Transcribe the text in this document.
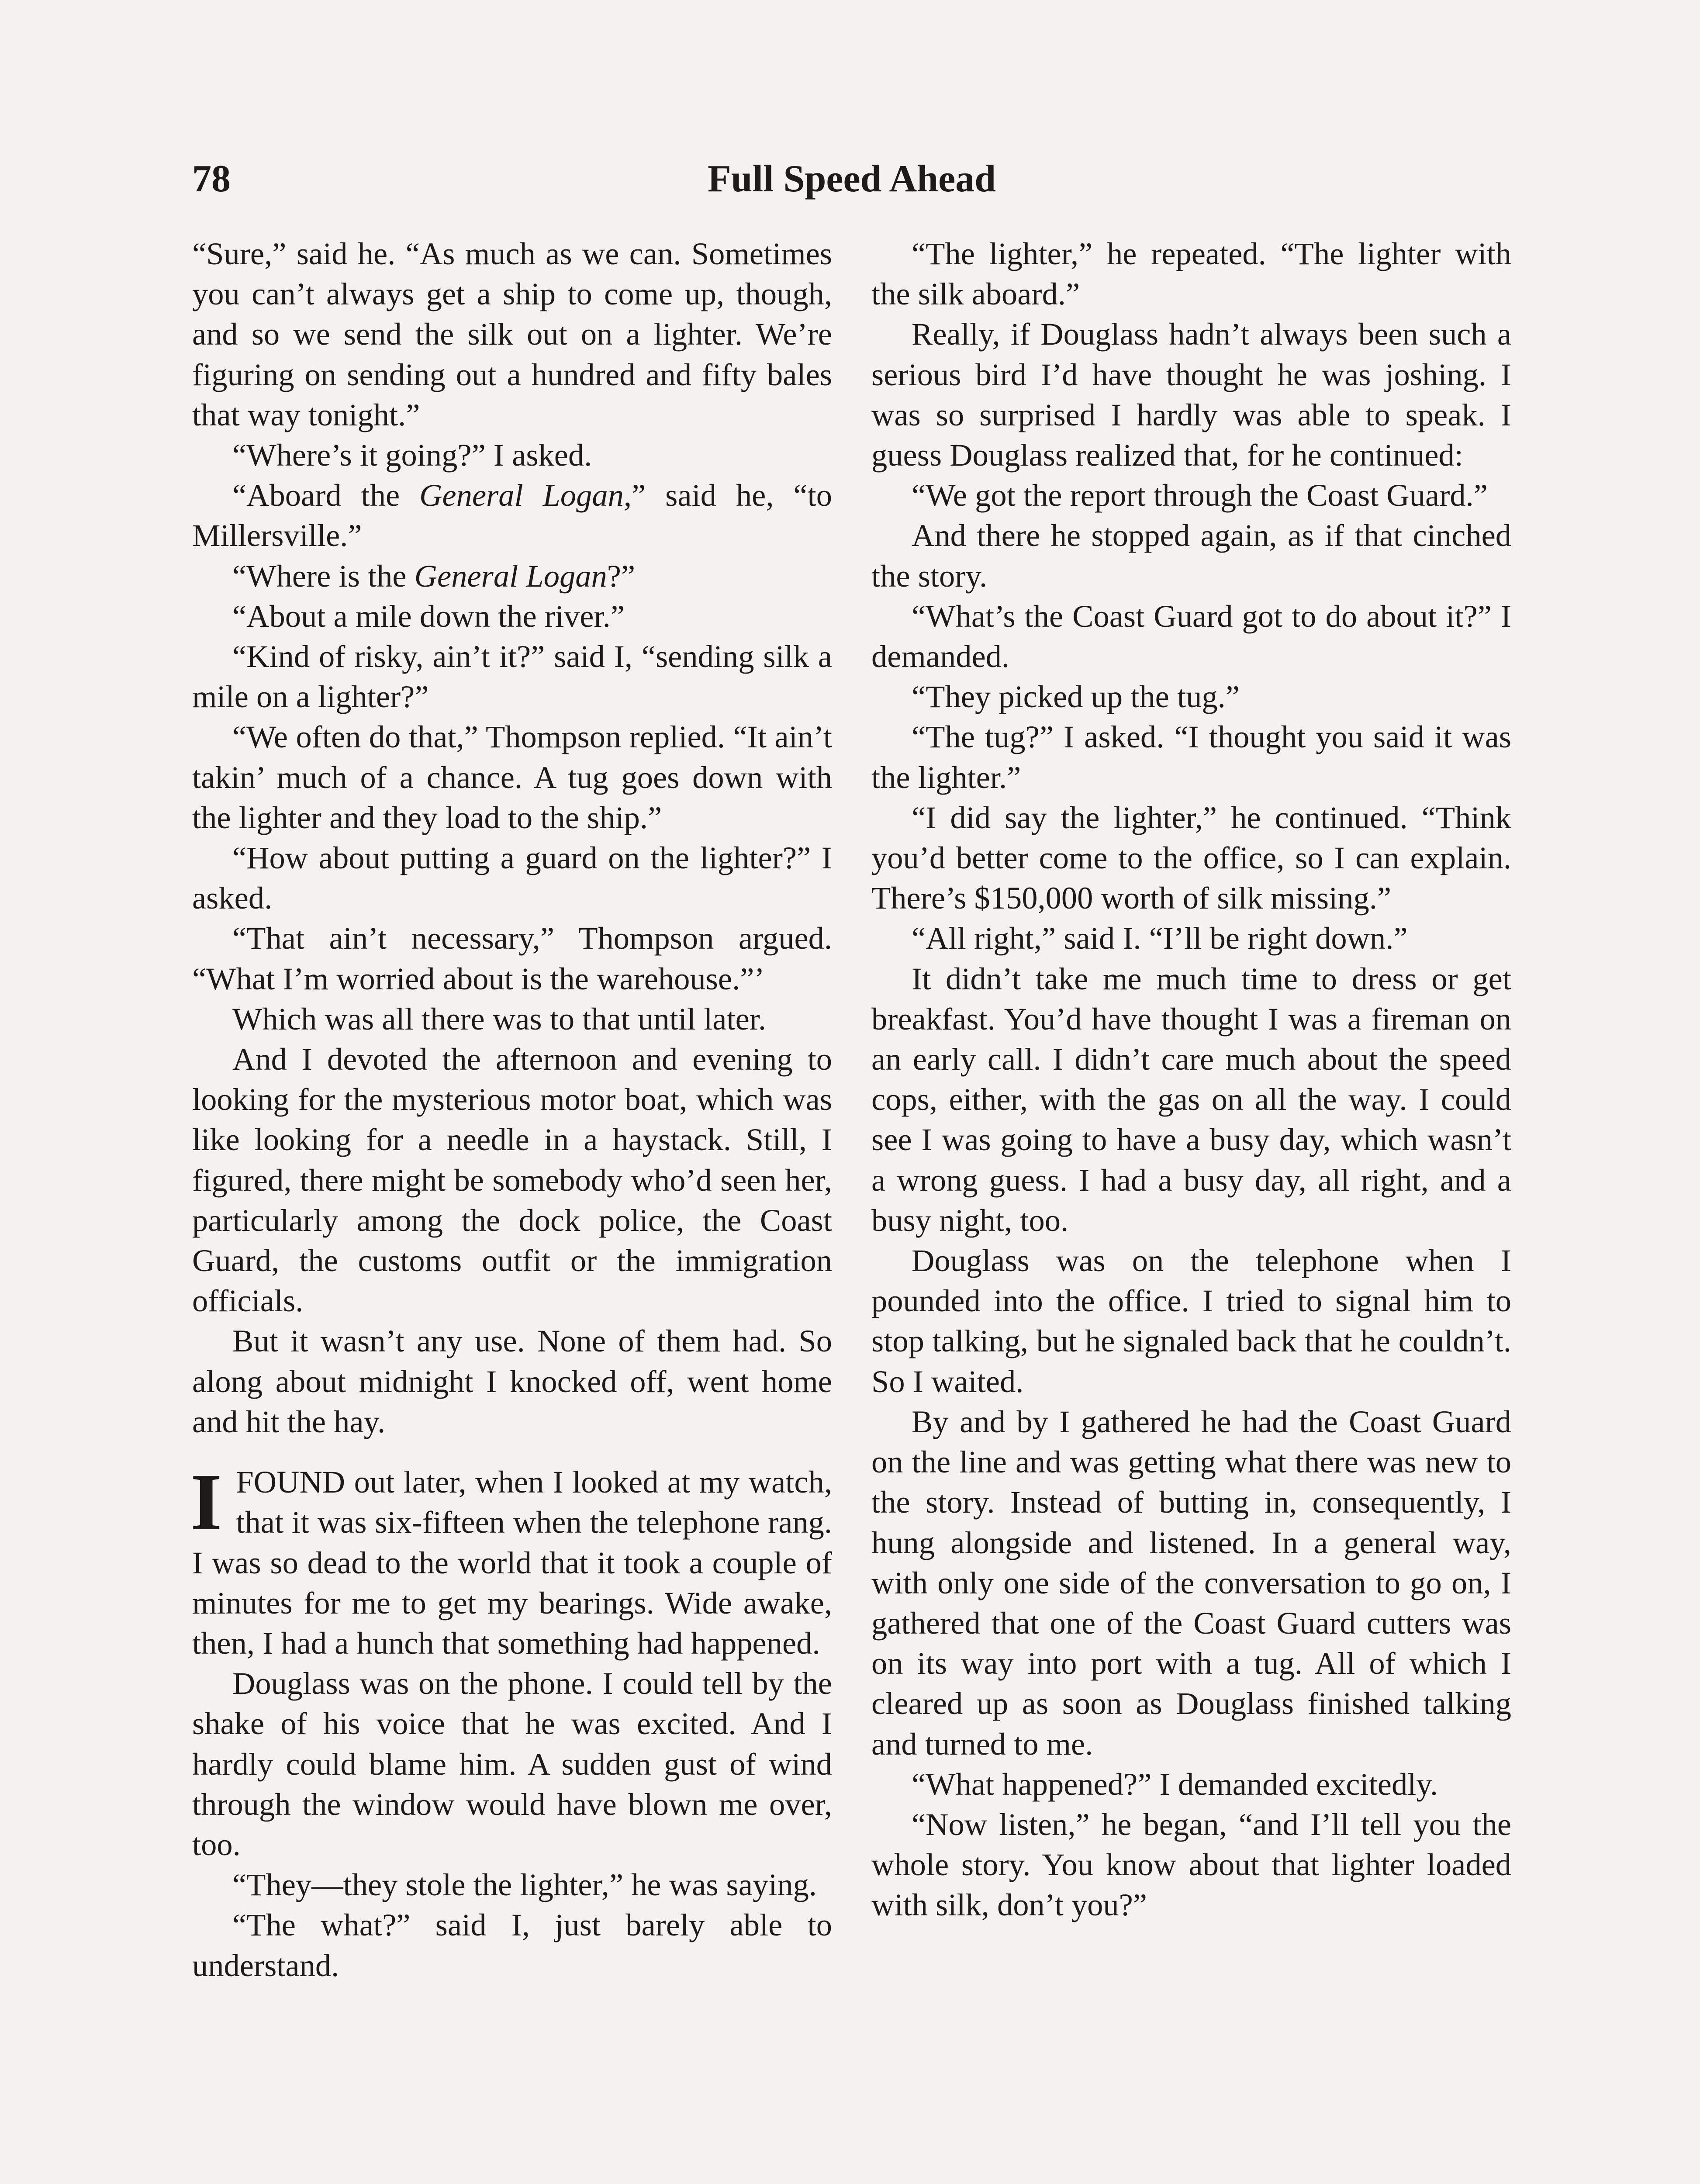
78	Full Speed Ahead

“Sure,” said he. “As much as we can. Sometimes you can’t always get a ship to come up, though, and so we send the silk out on a lighter. We’re figuring on sending out a hundred and fifty bales that way tonight.”

“Where’s it going?” I asked.

“Aboard the General Logan,” said he, “to Millersville.”

“Where is the General Logan?”

“About a mile down the river.”

“Kind of risky, ain’t it?” said I, “sending silk a mile on a lighter?”

“We often do that,” Thompson replied. “It ain’t takin’ much of a chance. A tug goes down with the lighter and they load to the ship.”

“How about putting a guard on the lighter?” I asked.

“That ain’t necessary,” Thompson argued. “What I’m worried about is the warehouse.”’

Which was all there was to that until later.

And I devoted the afternoon and evening to looking for the mysterious motor boat, which was like looking for a needle in a haystack. Still, I figured, there might be somebody who’d seen her, particularly among the dock police, the Coast Guard, the customs outfit or the immigration officials.

But it wasn’t any use. None of them had. So along about midnight I knocked off, went home and hit the hay.

IFOUND out later, when I looked at my watch, that it was six-fifteen when the telephone rang. I was so dead to the world that it took a couple of minutes for me to get my bearings. Wide awake, then, I had a hunch that something had happened.

Douglass was on the phone. I could tell by the shake of his voice that he was excited. And I hardly could blame him. A sudden gust of wind through the window would have blown me over, too.

“They—they stole the lighter,” he was saying.

“The what?” said I, just barely able to understand.

“The lighter,” he repeated. “The lighter with the silk aboard.”

Really, if Douglass hadn’t always been such a serious bird I’d have thought he was joshing. I was so surprised I hardly was able to speak. I guess Douglass realized that, for he continued:

“We got the report through the Coast Guard.”

And there he stopped again, as if that cinched the story.

“What’s the Coast Guard got to do about it?” I demanded.

“They picked up the tug.”

“The tug?” I asked. “I thought you said it was the lighter.”

“I did say the lighter,” he continued. “Think you’d better come to the office, so I can explain. There’s $150,000 worth of silk missing.”

“All right,” said I. “I’ll be right down.”

It didn’t take me much time to dress or get breakfast. You’d have thought I was a fireman on an early call. I didn’t care much about the speed cops, either, with the gas on all the way. I could see I was going to have a busy day, which wasn’t a wrong guess. I had a busy day, all right, and a busy night, too.

Douglass was on the telephone when I pounded into the office. I tried to signal him to stop talking, but he signaled back that he couldn’t. So I waited.

By and by I gathered he had the Coast Guard on the line and was getting what there was new to the story. Instead of butting in, consequently, I hung alongside and listened. In a general way, with only one side of the conversation to go on, I gathered that one of the Coast Guard cutters was on its way into port with a tug. All of which I cleared up as soon as Douglass finished talking and turned to me.

“What happened?” I demanded excitedly.

“Now listen,” he began, “and I’ll tell you the whole story. You know about that lighter loaded with silk, don’t you?”
